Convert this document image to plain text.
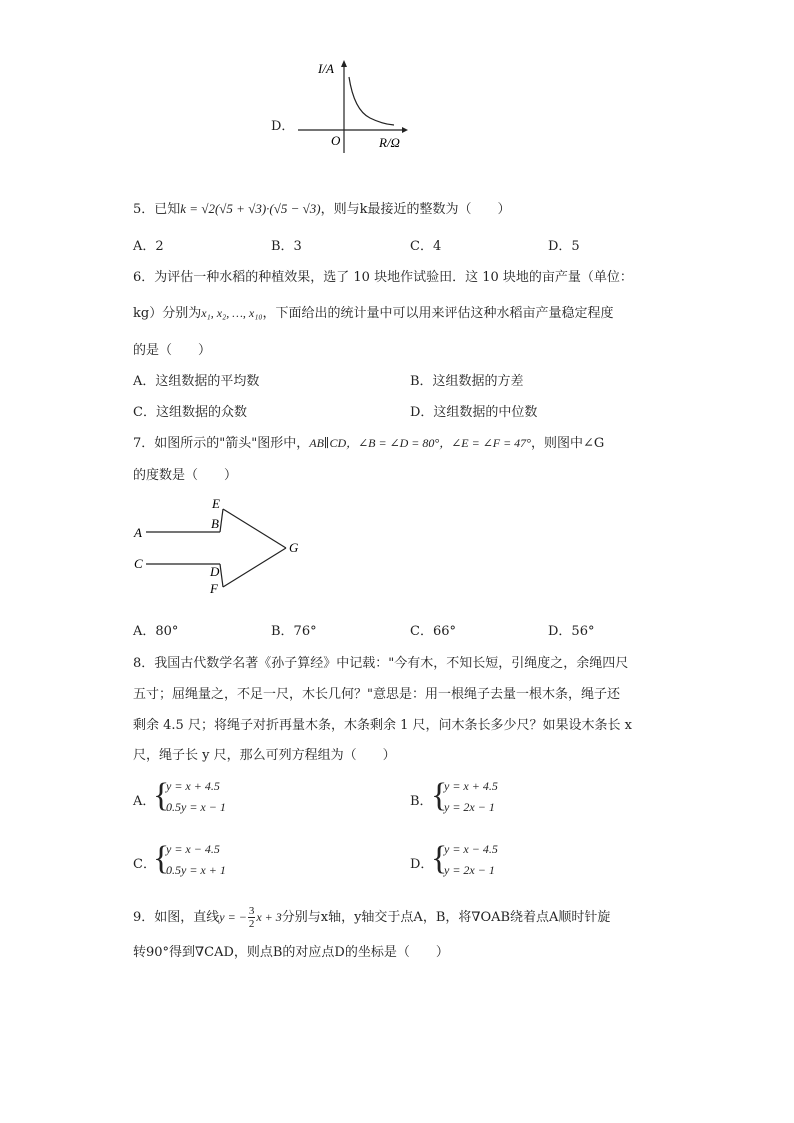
D．
I/A
O	R/Ω
5．已知k = √2(√5 + √3)·(√5 − √3)，则与k最接近的整数为（　　）
A．2	B．3	C．4	D．5
6．为评估一种水稻的种植效果，选了 10 块地作试验田．这 10 块地的亩产量（单位：
kg）分别为x₁, x₂, …, x₁₀，下面给出的统计量中可以用来评估这种水稻亩产量稳定程度
的是（　　）
A．这组数据的平均数	B．这组数据的方差
C．这组数据的众数	D．这组数据的中位数
7．如图所示的"箭头"图形中，AB∥CD，∠B = ∠D = 80°，∠E = ∠F = 47°，则图中∠G
的度数是（　　）
E
B
A
G
C
D
F
A．80°	B．76°	C．66°	D．56°
8．我国古代数学名著《孙子算经》中记载："今有木，不知长短，引绳度之，余绳四尺
五寸；屈绳量之，不足一尺，木长几何？"意思是：用一根绳子去量一根木条，绳子还
剩余 4.5 尺；将绳子对折再量木条，木条剩余 1 尺，问木条长多少尺？如果设木条长 x
尺，绳子长 y 尺，那么可列方程组为（　　）
A．
{
y = x + 4.5
0.5y = x − 1	B．
{
y = x + 4.5
y = 2x − 1
C．
{
y = x − 4.5
0.5y = x + 1	D．
{
y = x − 4.5
y = 2x − 1
9．如图，直线y = − $\frac{3}{2}$ x + 3分别与x轴，y轴交于点A，B，将∇OAB绕着点A顺时针旋
转90°得到∇CAD，则点B的对应点D的坐标是（　　）
